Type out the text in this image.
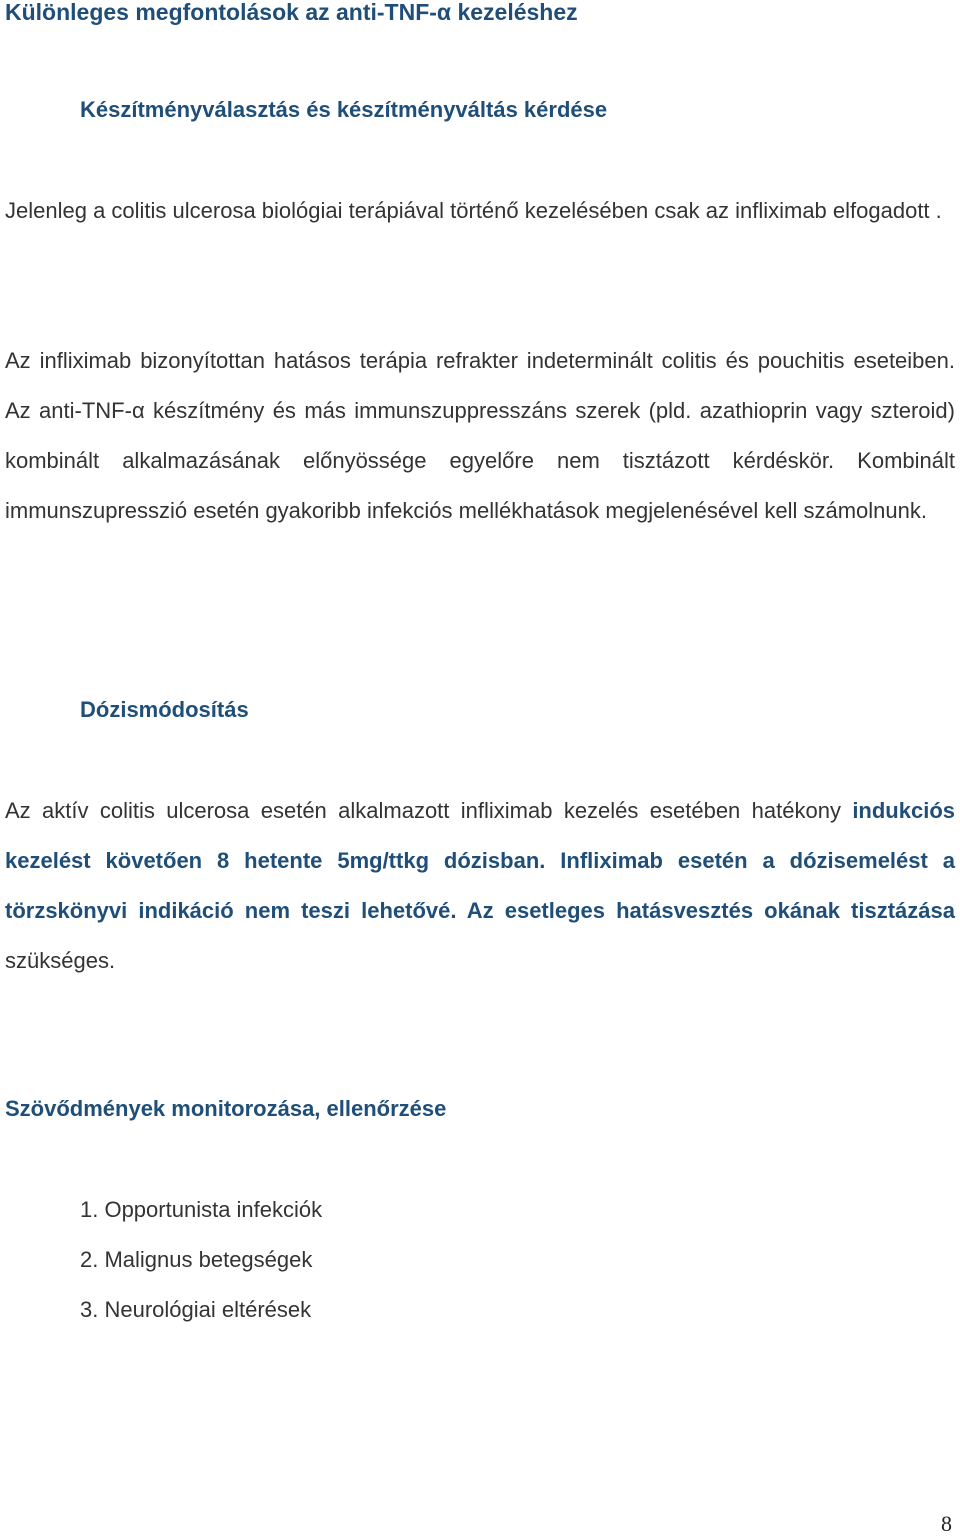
Különleges megfontolások az anti-TNF-α kezeléshez
Készítményválasztás és készítményváltás kérdése

Jelenleg a colitis ulcerosa biológiai terápiával történő kezelésében csak az infliximab elfogadott .

Az infliximab bizonyítottan hatásos terápia refrakter indeterminált colitis és pouchitis eseteiben. Az anti-TNF-α készítmény és más immunszuppresszáns szerek (pld. azathioprin vagy szteroid) kombinált alkalmazásának előnyössége egyelőre nem tisztázott kérdéskör. Kombinált immunszupresszió esetén gyakoribb infekciós mellékhatások megjelenésével kell számolnunk.

Dózismódosítás

Az aktív colitis ulcerosa esetén alkalmazott infliximab kezelés esetében hatékony indukciós kezelést követően 8 hetente 5mg/ttkg dózisban. Infliximab esetén a dózisemelést a törzskönyvi indikáció nem teszi lehetővé. Az esetleges hatásvesztés okának tisztázása szükséges.

Szövődmények monitorozása, ellenőrzése
1. Opportunista infekciók
2. Malignus betegségek
3. Neurológiai eltérések
8
